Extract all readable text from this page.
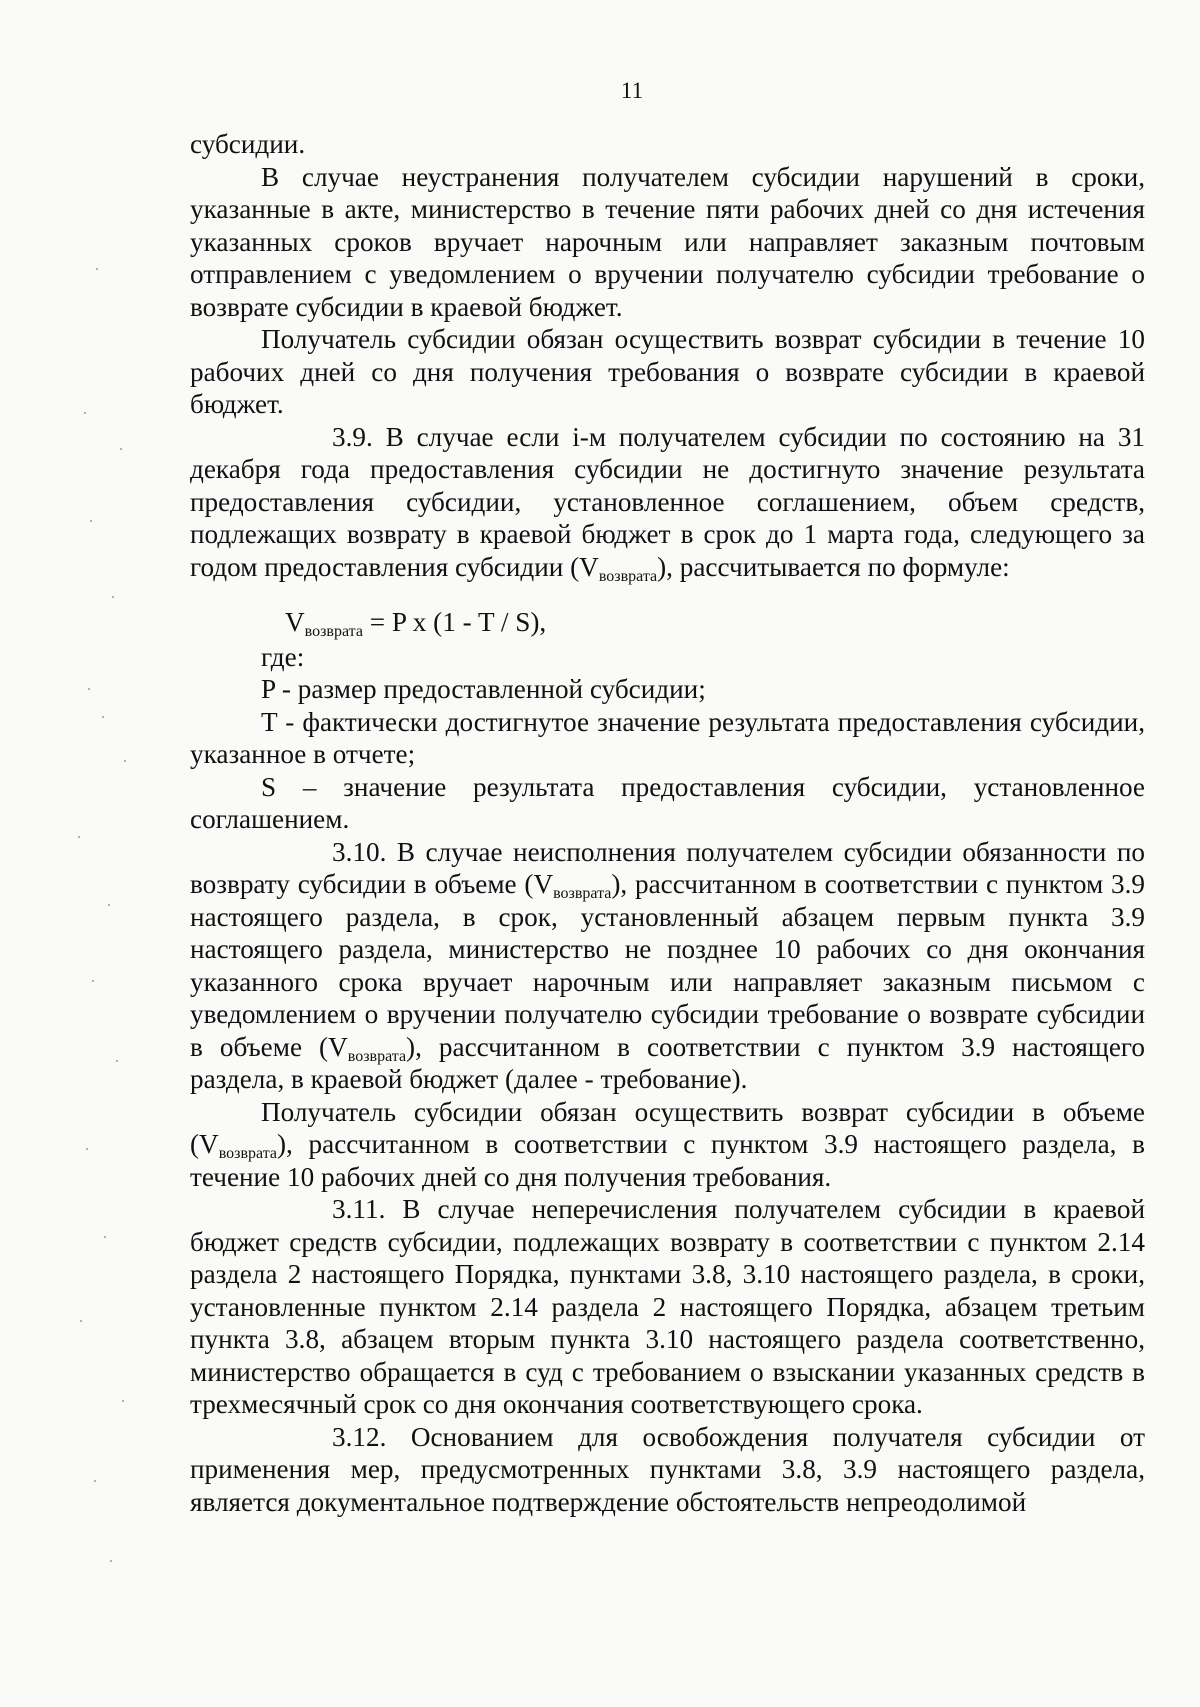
11

субсидии.

В случае неустранения получателем субсидии нарушений в сроки, указанные в акте, министерство в течение пяти рабочих дней со дня истечения указанных сроков вручает нарочным или направляет заказным почтовым отправлением с уведомлением о вручении получателю субсидии требование о возврате субсидии в краевой бюджет.

Получатель субсидии обязан осуществить возврат субсидии в течение 10 рабочих дней со дня получения требования о возврате субсидии в краевой бюджет.

3.9. В случае если i-м получателем субсидии по состоянию на 31 декабря года предоставления субсидии не достигнуто значение результата предоставления субсидии, установленное соглашением, объем средств, подлежащих возврату в краевой бюджет в срок до 1 марта года, следующего за годом предоставления субсидии $(V_{возврата})$, рассчитывается по формуле:

$V_{возврата} = P$ x (1 - T / S),

где:

P - размер предоставленной субсидии;

T - фактически достигнутое значение результата предоставления субсидии, указанное в отчете;

S – значение результата предоставления субсидии, установленное соглашением.

3.10. В случае неисполнения получателем субсидии обязанности по возврату субсидии в объеме $(V_{возврата})$, рассчитанном в соответствии с пунктом 3.9 настоящего раздела, в срок, установленный абзацем первым пункта 3.9 настоящего раздела, министерство не позднее 10 рабочих со дня окончания указанного срока вручает нарочным или направляет заказным письмом с уведомлением о вручении получателю субсидии требование о возврате субсидии в объеме $(V_{возврата})$, рассчитанном в соответствии с пунктом 3.9 настоящего раздела, в краевой бюджет (далее - требование).

Получатель субсидии обязан осуществить возврат субсидии в объеме $(V_{возврата})$, рассчитанном в соответствии с пунктом 3.9 настоящего раздела, в течение 10 рабочих дней со дня получения требования.

3.11. В случае неперечисления получателем субсидии в краевой бюджет средств субсидии, подлежащих возврату в соответствии с пунктом 2.14 раздела 2 настоящего Порядка, пунктами 3.8, 3.10 настоящего раздела, в сроки, установленные пунктом 2.14 раздела 2 настоящего Порядка, абзацем третьим пункта 3.8, абзацем вторым пункта 3.10 настоящего раздела соответственно, министерство обращается в суд с требованием о взыскании указанных средств в трехмесячный срок со дня окончания соответствующего срока.

3.12. Основанием для освобождения получателя субсидии от применения мер, предусмотренных пунктами 3.8, 3.9 настоящего раздела, является документальное подтверждение обстоятельств непреодолимой
